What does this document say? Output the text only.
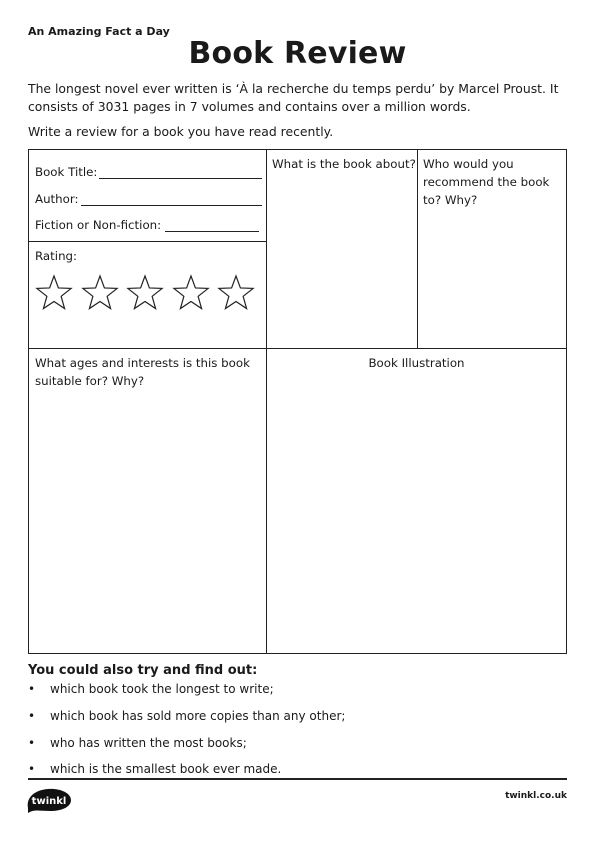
An Amazing Fact a Day
Book Review
The longest novel ever written is ‘À la recherche du temps perdu’ by Marcel Proust. It consists of 3031 pages in 7 volumes and contains over a million words.
Write a review for a book you have read recently.
Book Title:
Author:
Fiction or Non-fiction:
Rating:
What is the book about? Who would you recommend the book to? Why?
What ages and interests is this book suitable for? Why?
Book Illustration
You could also try and find out:
• which book took the longest to write;
• which book has sold more copies than any other;
• who has written the most books;
• which is the smallest book ever made.
twinkl	twinkl.co.uk
